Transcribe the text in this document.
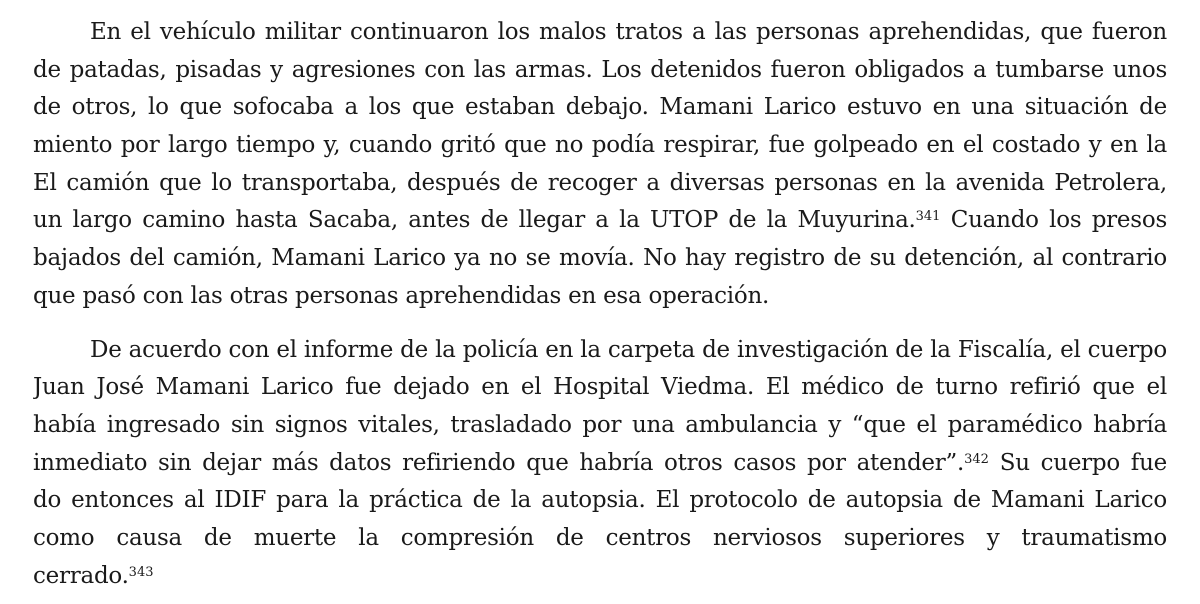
En el vehículo militar continuaron los malos tratos a las personas aprehendidas, que fueron
de patadas, pisadas y agresiones con las armas. Los detenidos fueron obligados a tumbarse unos
de otros, lo que sofocaba a los que estaban debajo. Mamani Larico estuvo en una situación de
miento por largo tiempo y, cuando gritó que no podía respirar, fue golpeado en el costado y en la
El camión que lo transportaba, después de recoger a diversas personas en la avenida Petrolera,
un largo camino hasta Sacaba, antes de llegar a la UTOP de la Muyurina.$^{341}$ Cuando los presos
bajados del camión, Mamani Larico ya no se movía. No hay registro de su detención, al contrario
que pasó con las otras personas aprehendidas en esa operación.
De acuerdo con el informe de la policía en la carpeta de investigación de la Fiscalía, el cuerpo
Juan José Mamani Larico fue dejado en el Hospital Viedma. El médico de turno refirió que el
había ingresado sin signos vitales, trasladado por una ambulancia y “que el paramédico habría
inmediato sin dejar más datos refiriendo que habría otros casos por atender”.$^{342}$ Su cuerpo fue
do entonces al IDIF para la práctica de la autopsia. El protocolo de autopsia de Mamani Larico
como causa de muerte la compresión de centros nerviosos superiores y traumatismo
cerrado.$^{343}$
